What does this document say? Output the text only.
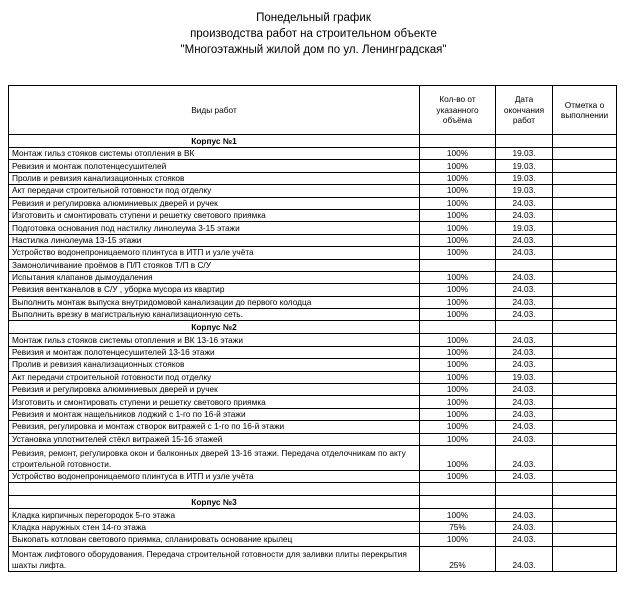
Понедельный график
производства работ на строительном объекте
"Многоэтажный жилой дом по ул. Ленинградская"
Виды работ	Кол-во от указанного объёма	Дата окончания работ	Отметка о выполнении
Корпус №1			
Монтаж гильз стояков системы отопления в ВК	100%	19.03.	
Ревизия и монтаж полотенцесушителей	100%	19.03.	
Пролив и ревизия канализационных стояков	100%	19.03.	
Акт передачи строительной готовности под отделку	100%	19.03.	
Ревизия и регулировка алюминиевых дверей и ручек	100%	24.03.	
Изготовить и смонтировать ступени и решетку светового приямка	100%	24.03.	
Подготовка основания под настилку линолеума 3-15 этажи	100%	19.03.	
Настилка линолеума 13-15 этажи	100%	24.03.	
Устройство водонепроницаемого плинтуса в ИТП и узле учёта	100%	24.03.	
Замоноличивание проёмов в П/П стояков Т/П в С/У			
Испытания клапанов дымоудаления	100%	24.03.	
Ревизия вентканалов в С/У , уборка мусора из квартир	100%	24.03.	
Выполнить монтаж выпуска внутридомовой канализации до первого колодца	100%	24.03.	
Выполнить врезку в магистральную канализационную сеть.	100%	24.03.	
Корпус №2			
Монтаж гильз стояков системы отопления и ВК 13-16 этажи	100%	24.03.	
Ревизия и монтаж полотенцесушителей 13-16 этажи	100%	24.03.	
Пролив и ревизия канализационных стояков	100%	24.03.	
Акт передачи строительной готовности под отделку	100%	19.03.	
Ревизия и регулировка алюминиевых дверей и ручек	100%	24.03.	
Изготовить и смонтировать ступени и решетку светового приямка	100%	24.03.	
Ревизия и монтаж нащельников лоджий с 1-го по 16-й этажи	100%	24.03.	
Ревизия, регулировка и монтаж створок витражей с 1-го по 16-й этажи	100%	24.03.	
Установка уплотнителей стёкл витражей 15-16 этажей	100%	24.03.	
Ревизия, ремонт, регулировка окон и балконных дверей 13-16 этажи. Передача отделочникам по акту строительной готовности.	100%	24.03.	
Устройство водонепроницаемого плинтуса в ИТП и узле учёта	100%	24.03.	

Корпус №3			
Кладка кирпичных перегородок 5-го этажа	100%	24.03.	
Кладка наружных стен 14-го этажа	75%	24.03.	
Выкопать котлован светового приямка, спланировать основание крылец	100%	24.03.	
Монтаж лифтового оборудования. Передача строительной готовности для заливки плиты перекрытия шахты лифта.	25%	24.03.	
